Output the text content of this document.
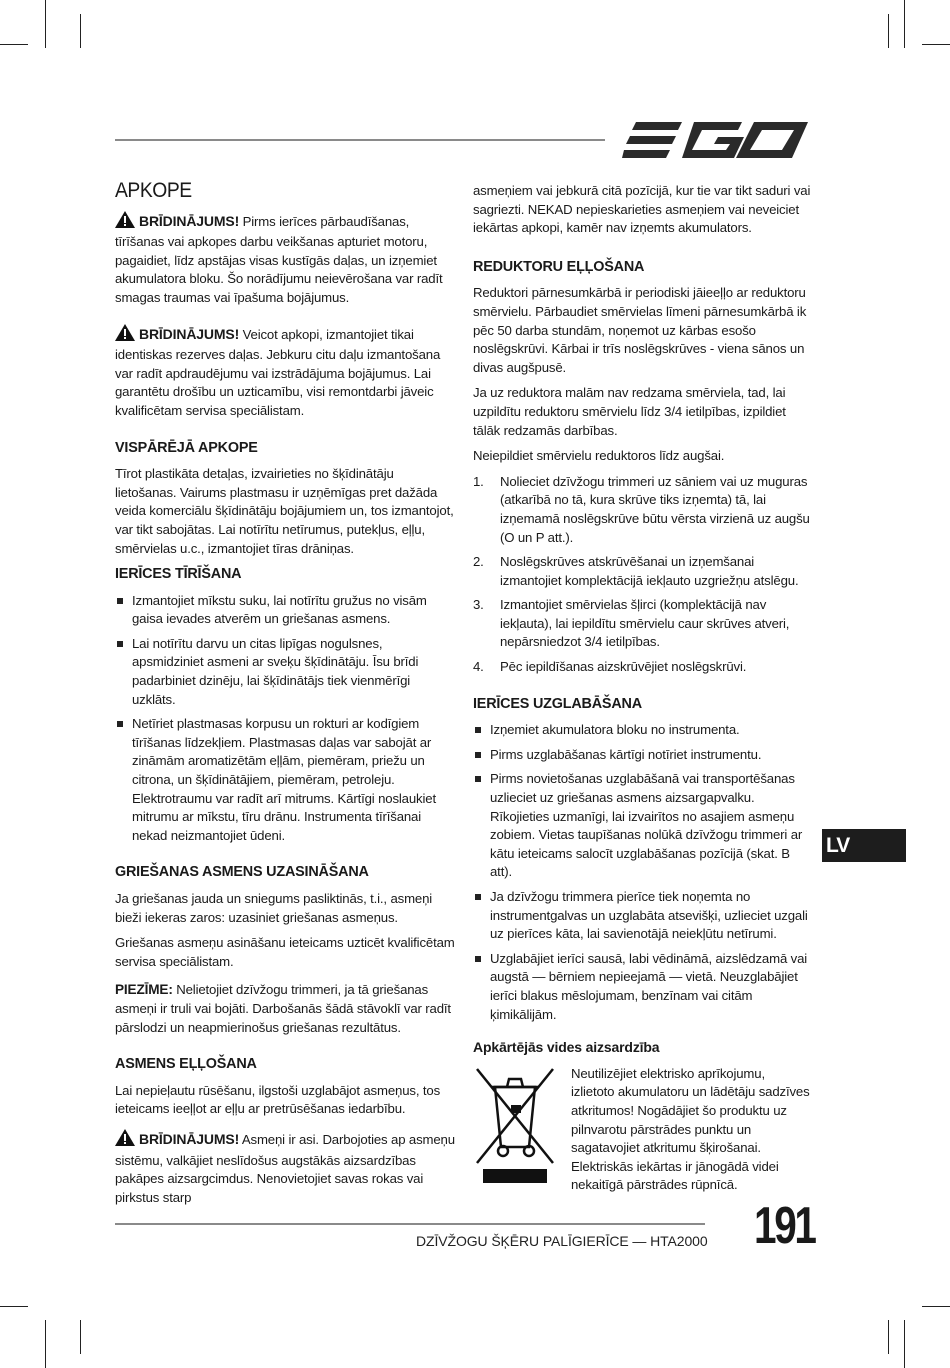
APKOPE

BRĪDINĀJUMS! Pirms ierīces pārbaudīšanas, tīrīšanas vai apkopes darbu veikšanas apturiet motoru, pagaidiet, līdz apstājas visas kustīgās daļas, un izņemiet akumulatora bloku. Šo norādījumu neievērošana var radīt smagas traumas vai īpašuma bojājumus.

BRĪDINĀJUMS! Veicot apkopi, izmantojiet tikai identiskas rezerves daļas. Jebkuru citu daļu izmantošana var radīt apdraudējumu vai izstrādājuma bojājumus. Lai garantētu drošību un uzticamību, visi remontdarbi jāveic kvalificētam servisa speciālistam.

VISPĀRĒJĀ APKOPE

Tīrot plastikāta detaļas, izvairieties no šķīdinātāju lietošanas. Vairums plastmasu ir uzņēmīgas pret dažāda veida komerciālu šķīdinātāju bojājumiem un, tos izmantojot, var tikt sabojātas. Lai notīrītu netīrumus, putekļus, eļļu, smērvielas u.c., izmantojiet tīras drāniņas.

IERĪCES TĪRĪŠANA
Izmantojiet mīkstu suku, lai notīrītu gružus no visām gaisa ievades atverēm un griešanas asmens.
Lai notīrītu darvu un citas lipīgas nogulsnes, apsmidziniet asmeni ar sveķu šķīdinātāju. Īsu brīdi padarbiniet dzinēju, lai šķīdinātājs tiek vienmērīgi uzklāts.
Netīriet plastmasas korpusu un rokturi ar kodīgiem tīrīšanas līdzekļiem. Plastmasas daļas var sabojāt ar zināmām aromatizētām eļļām, piemēram, priežu un citrona, un šķīdinātājiem, piemēram, petroleju. Elektrotraumu var radīt arī mitrums. Kārtīgi noslaukiet mitrumu ar mīkstu, tīru drānu. Instrumenta tīrīšanai nekad neizmantojiet ūdeni.
GRIEŠANAS ASMENS UZASINĀŠANA

Ja griešanas jauda un sniegums pasliktinās, t.i., asmeņi bieži iekeras zaros: uzasiniet griešanas asmeņus.

Griešanas asmeņu asināšanu ieteicams uzticēt kvalificētam servisa speciālistam.

PIEZĪME: Nelietojiet dzīvžogu trimmeri, ja tā griešanas asmeņi ir truli vai bojāti. Darbošanās šādā stāvoklī var radīt pārslodzi un neapmierinošus griešanas rezultātus.

ASMENS EĻĻOŠANA

Lai nepieļautu rūsēšanu, ilgstoši uzglabājot asmeņus, tos ieteicams ieeļļot ar eļļu ar pretrūsēšanas iedarbību.

BRĪDINĀJUMS! Asmeņi ir asi. Darbojoties ap asmeņu sistēmu, valkājiet neslīdošus augstākās aizsardzības pakāpes aizsargcimdus. Nenovietojiet savas rokas vai pirkstus starp

asmeņiem vai jebkurā citā pozīcijā, kur tie var tikt saduri vai sagriezti. NEKAD nepieskarieties asmeņiem vai neveiciet iekārtas apkopi, kamēr nav izņemts akumulators.

REDUKTORU EĻĻOŠANA

Reduktori pārnesumkārbā ir periodiski jāieeļļo ar reduktoru smērvielu. Pārbaudiet smērvielas līmeni pārnesumkārbā ik pēc 50 darba stundām, noņemot uz kārbas esošo noslēgskrūvi. Kārbai ir trīs noslēgskrūves - viena sānos un divas augšpusē.

Ja uz reduktora malām nav redzama smērviela, tad, lai uzpildītu reduktoru smērvielu līdz 3/4 ietilpības, izpildiet tālāk redzamās darbības.

Neiepildiet smērvielu reduktoros līdz augšai.

1. Nolieciet dzīvžogu trimmeri uz sāniem vai uz muguras (atkarībā no tā, kura skrūve tiks izņemta) tā, lai izņemamā noslēgskrūve būtu vērsta virzienā uz augšu (O un P att.).
2. Noslēgskrūves atskrūvēšanai un izņemšanai izmantojiet komplektācijā iekļauto uzgriežņu atslēgu.
3. Izmantojiet smērvielas šļirci (komplektācijā nav iekļauta), lai iepildītu smērvielu caur skrūves atveri, nepārsniedzot 3/4 ietilpības.
4. Pēc iepildīšanas aizskrūvējiet noslēgskrūvi.
IERĪCES UZGLABĀŠANA
Izņemiet akumulatora bloku no instrumenta.
Pirms uzglabāšanas kārtīgi notīriet instrumentu.
Pirms novietošanas uzglabāšanā vai transportēšanas uzlieciet uz griešanas asmens aizsargapvalku. Rīkojieties uzmanīgi, lai izvairītos no asajiem asmeņu zobiem. Vietas taupīšanas nolūkā dzīvžogu trimmeri ar kātu ieteicams salocīt uzglabāšanas pozīcijā (skat. B att).
Ja dzīvžogu trimmera pierīce tiek noņemta no instrumentgalvas un uzglabāta atsevišķi, uzlieciet uzgali uz pierīces kāta, lai savienotājā neiekļūtu netīrumi.
Uzglabājiet ierīci sausā, labi vēdināmā, aizslēdzamā vai augstā — bērniem nepieejamā — vietā. Neuzglabājiet ierīci blakus mēslojumam, benzīnam vai citām ķimikālijām.
Apkārtējās vides aizsardzība
Neutilizējiet elektrisko aprīkojumu, izlietoto akumulatoru un lādētāju sadzīves atkritumos! Nogādājiet šo produktu uz pilnvarotu pārstrādes punktu un sagatavojiet atkritumu šķirošanai. Elektriskās iekārtas ir jānogādā videi nekaitīgā pārstrādes rūpnīcā.
LV
DZĪVŽOGU ŠĶĒRU PALĪGIERĪCE — HTA2000 191
